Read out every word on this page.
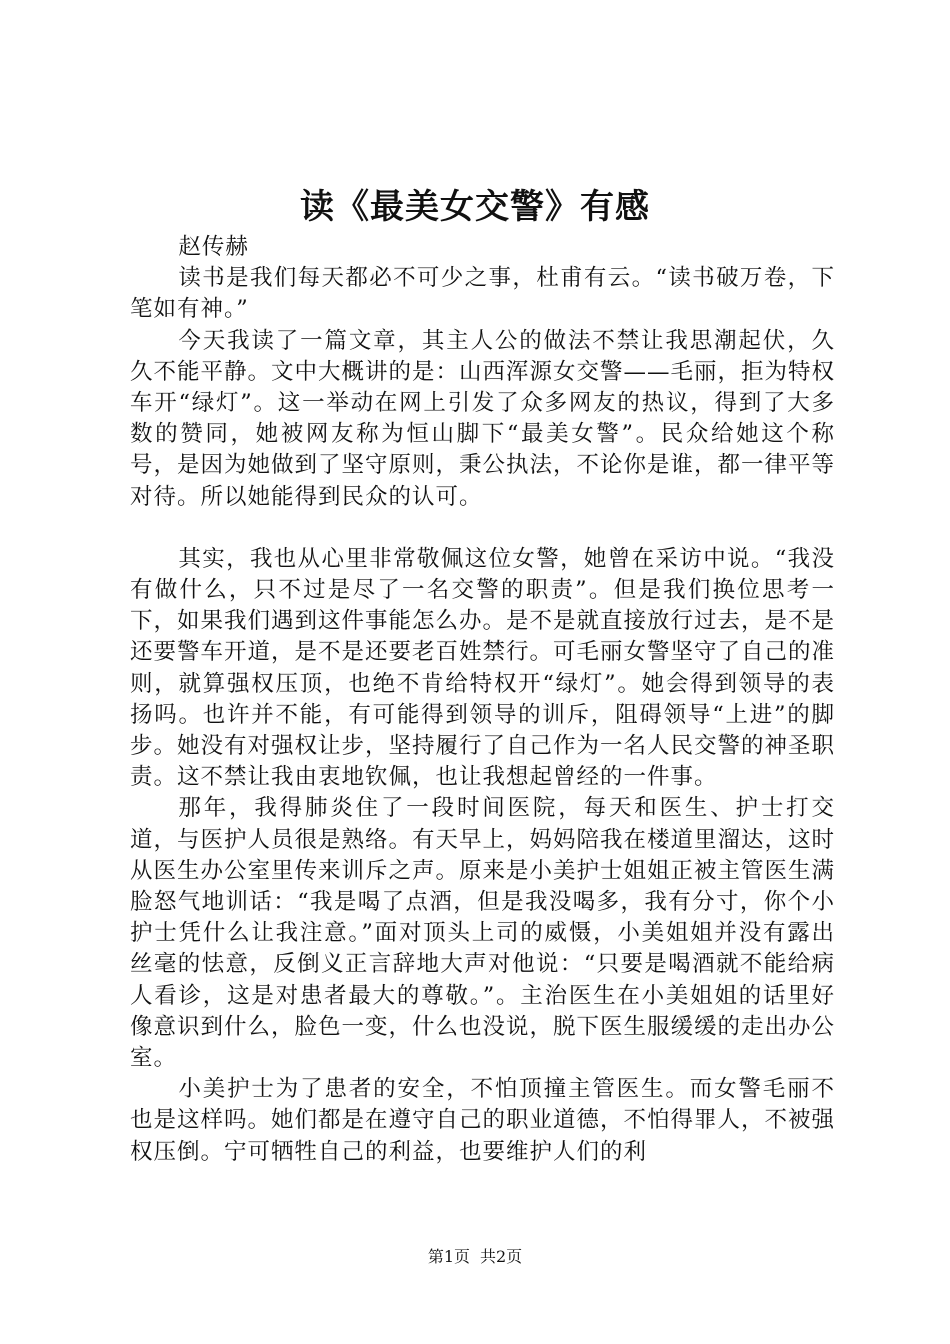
读《最美女交警》有感

赵传赫

读书是我们每天都必不可少之事，杜甫有云。“读书破万卷，下笔如有神。”

今天我读了一篇文章，其主人公的做法不禁让我思潮起伏，久久不能平静。文中大概讲的是：山西浑源女交警——毛丽，拒为特权车开“绿灯”。这一举动在网上引发了众多网友的热议，得到了大多数的赞同，她被网友称为恒山脚下“最美女警”。民众给她这个称号，是因为她做到了坚守原则，秉公执法，不论你是谁，都一律平等对待。所以她能得到民众的认可。

其实，我也从心里非常敬佩这位女警，她曾在采访中说。“我没有做什么，只不过是尽了一名交警的职责”。但是我们换位思考一下，如果我们遇到这件事能怎么办。是不是就直接放行过去，是不是还要警车开道，是不是还要老百姓禁行。可毛丽女警坚守了自己的准则，就算强权压顶，也绝不肯给特权开“绿灯”。她会得到领导的表扬吗。也许并不能，有可能得到领导的训斥，阻碍领导“上进”的脚步。她没有对强权让步，坚持履行了自己作为一名人民交警的神圣职责。这不禁让我由衷地钦佩，也让我想起曾经的一件事。

那年，我得肺炎住了一段时间医院，每天和医生、护士打交道，与医护人员很是熟络。有天早上，妈妈陪我在楼道里溜达，这时从医生办公室里传来训斥之声。原来是小美护士姐姐正被主管医生满脸怒气地训话：“我是喝了点酒，但是我没喝多，我有分寸，你个小护士凭什么让我注意。”面对顶头上司的威慑，小美姐姐并没有露出丝毫的怯意，反倒义正言辞地大声对他说：“只要是喝酒就不能给病人看诊，这是对患者最大的尊敬。”。主治医生在小美姐姐的话里好像意识到什么，脸色一变，什么也没说，脱下医生服缓缓的走出办公室。

小美护士为了患者的安全，不怕顶撞主管医生。而女警毛丽不也是这样吗。她们都是在遵守自己的职业道德，不怕得罪人，不被强权压倒。宁可牺牲自己的利益，也要维护人们的利

第1页 共2页
